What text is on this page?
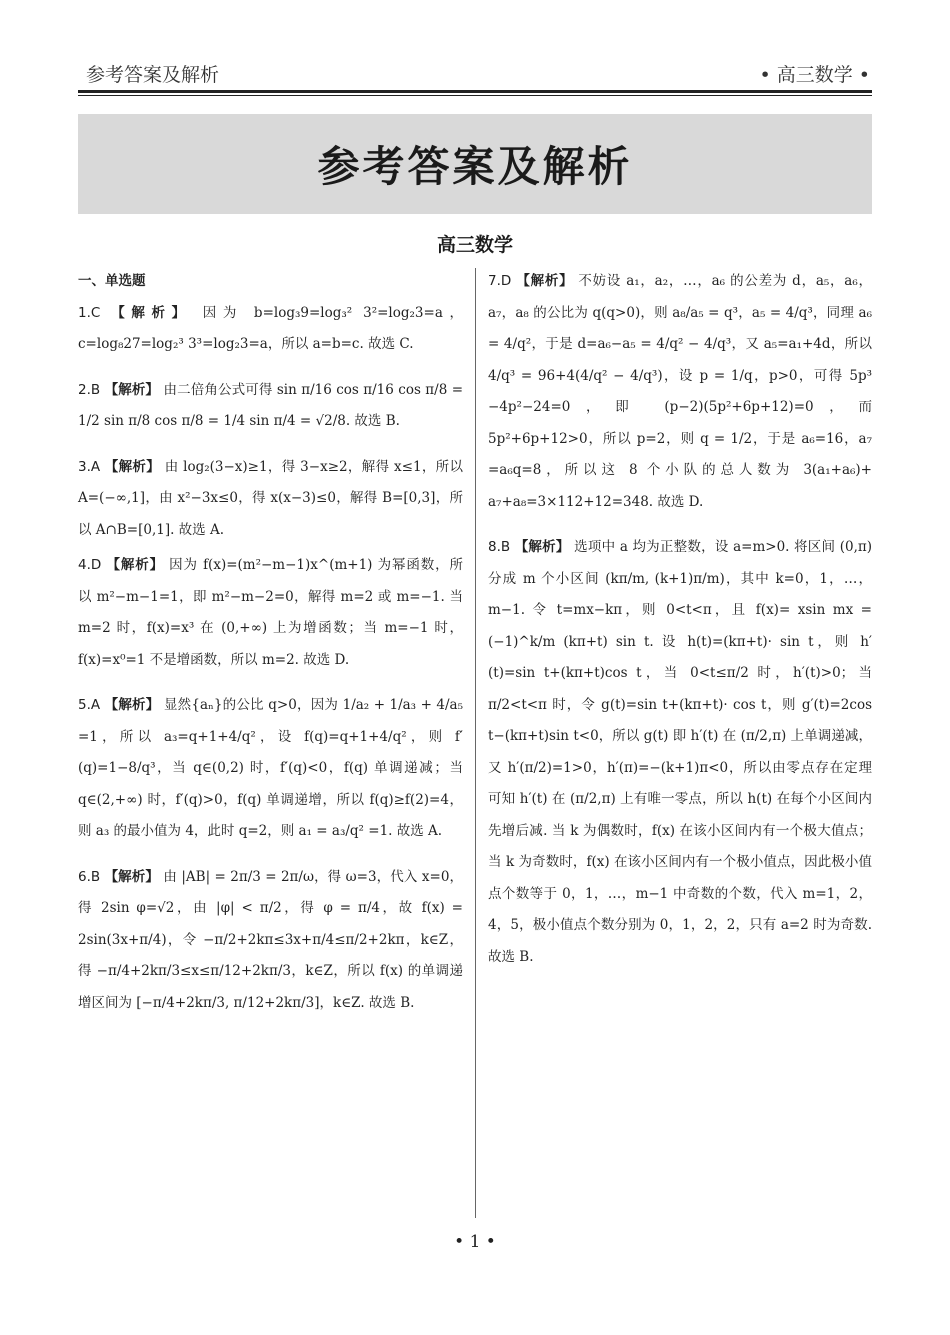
参考答案及解析	• 高三数学 •
参考答案及解析
高三数学
一、单选题

1.C 【解析】 因为 b=log₃9=log₃² 3²=log₂3=a，c=log₈27=log₂³ 3³=log₂3=a，所以 a=b=c. 故选 C.

2.B 【解析】 由二倍角公式可得 sin π/16 cos π/16 cos π/8 = 1/2 sin π/8 cos π/8 = 1/4 sin π/4 = √2/8. 故选 B.

3.A 【解析】 由 log₂(3−x)≥1，得 3−x≥2，解得 x≤1，所以 A=(−∞,1]，由 x²−3x≤0，得 x(x−3)≤0，解得 B=[0,3]，所以 A∩B=[0,1]. 故选 A.

4.D 【解析】 因为 f(x)=(m²−m−1)x^(m+1) 为幂函数，所以 m²−m−1=1，即 m²−m−2=0，解得 m=2 或 m=−1. 当 m=2 时，f(x)=x³ 在 (0,+∞) 上为增函数；当 m=−1 时，f(x)=x⁰=1 不是增函数，所以 m=2. 故选 D.

5.A 【解析】 显然{aₙ}的公比 q>0，因为 1/a₂ + 1/a₃ + 4/a₅ =1，所以 a₃=q+1+4/q²，设 f(q)=q+1+4/q²，则 f′(q)=1−8/q³，当 q∈(0,2) 时，f′(q)<0，f(q) 单调递减；当 q∈(2,+∞) 时，f′(q)>0，f(q) 单调递增，所以 f(q)≥f(2)=4，则 a₃ 的最小值为 4，此时 q=2，则 a₁ = a₃/q² =1. 故选 A.

6.B 【解析】 由 |AB| = 2π/3 = 2π/ω，得 ω=3，代入 x=0，得 2sin φ=√2，由 |φ| < π/2，得 φ = π/4，故 f(x) = 2sin(3x+π/4)，令 −π/2+2kπ≤3x+π/4≤π/2+2kπ，k∈Z，得 −π/4+2kπ/3≤x≤π/12+2kπ/3，k∈Z，所以 f(x) 的单调递增区间为 [−π/4+2kπ/3, π/12+2kπ/3]，k∈Z. 故选 B.

7.D 【解析】 不妨设 a₁，a₂，…，a₆ 的公差为 d，a₅，a₆，a₇，a₈ 的公比为 q(q>0)，则 a₈/a₅ = q³，a₅ = 4/q³，同理 a₆ = 4/q²，于是 d=a₆−a₅ = 4/q² − 4/q³，又 a₅=a₁+4d，所以 4/q³ = 96+4(4/q² − 4/q³)，设 p = 1/q，p>0，可得 5p³ −4p²−24=0，即 (p−2)(5p²+6p+12)=0，而 5p²+6p+12>0，所以 p=2，则 q = 1/2，于是 a₆=16，a₇ =a₆q=8，所以这 8 个小队的总人数为 3(a₁+a₆)+ a₇+a₈=3×112+12=348. 故选 D.

8.B 【解析】 选项中 a 均为正整数，设 a=m>0. 将区间 (0,π) 分成 m 个小区间 (kπ/m, (k+1)π/m)，其中 k=0，1，…，m−1. 令 t=mx−kπ，则 0<t<π，且 f(x)= xsin mx = (−1)^k/m (kπ+t) sin t. 设 h(t)=(kπ+t)· sin t，则 h′(t)=sin t+(kπ+t)cos t，当 0<t≤π/2 时，h′(t)>0；当 π/2<t<π 时，令 g(t)=sin t+(kπ+t)· cos t，则 g′(t)=2cos t−(kπ+t)sin t<0，所以 g(t) 即 h′(t) 在 (π/2,π) 上单调递减，又 h′(π/2)=1>0，h′(π)=−(k+1)π<0，所以由零点存在定理可知 h′(t) 在 (π/2,π) 上有唯一零点，所以 h(t) 在每个小区间内先增后减. 当 k 为偶数时，f(x) 在该小区间内有一个极大值点；当 k 为奇数时，f(x) 在该小区间内有一个极小值点，因此极小值点个数等于 0，1，…，m−1 中奇数的个数，代入 m=1，2，4，5，极小值点个数分别为 0，1，2，2，只有 a=2 时为奇数. 故选 B.

• 1 •
